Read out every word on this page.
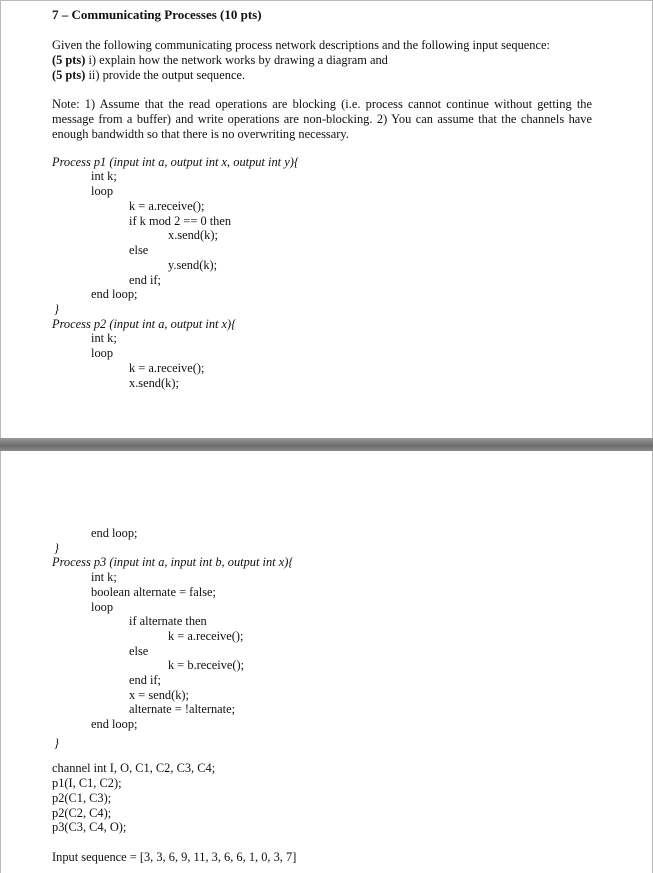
7 – Communicating Processes (10 pts)

Given the following communicating process network descriptions and the following input sequence:

(5 pts) i) explain how the network works by drawing a diagram and

(5 pts) ii) provide the output sequence.

Note: 1) Assume that the read operations are blocking (i.e. process cannot continue without getting the message from a buffer) and write operations are non-blocking. 2) You can assume that the channels have enough bandwidth so that there is no overwriting necessary.

Process p1 (input int a, output int x, output int y){

int k;

loop

k = a.receive();

if k mod 2 == 0 then

x.send(k);

else

y.send(k);

end if;

end loop;

}

Process p2 (input int a, output int x){

int k;

loop

k = a.receive();

x.send(k);

end loop;

}

Process p3 (input int a, input int b, output int x){

int k;

boolean alternate = false;

loop

if alternate then

k = a.receive();

else

k = b.receive();

end if;

x = send(k);

alternate = !alternate;

end loop;

}

channel int I, O, C1, C2, C3, C4;

p1(I, C1, C2);

p2(C1, C3);

p2(C2, C4);

p3(C3, C4, O);

Input sequence = [3, 3, 6, 9, 11, 3, 6, 6, 1, 0, 3, 7]
